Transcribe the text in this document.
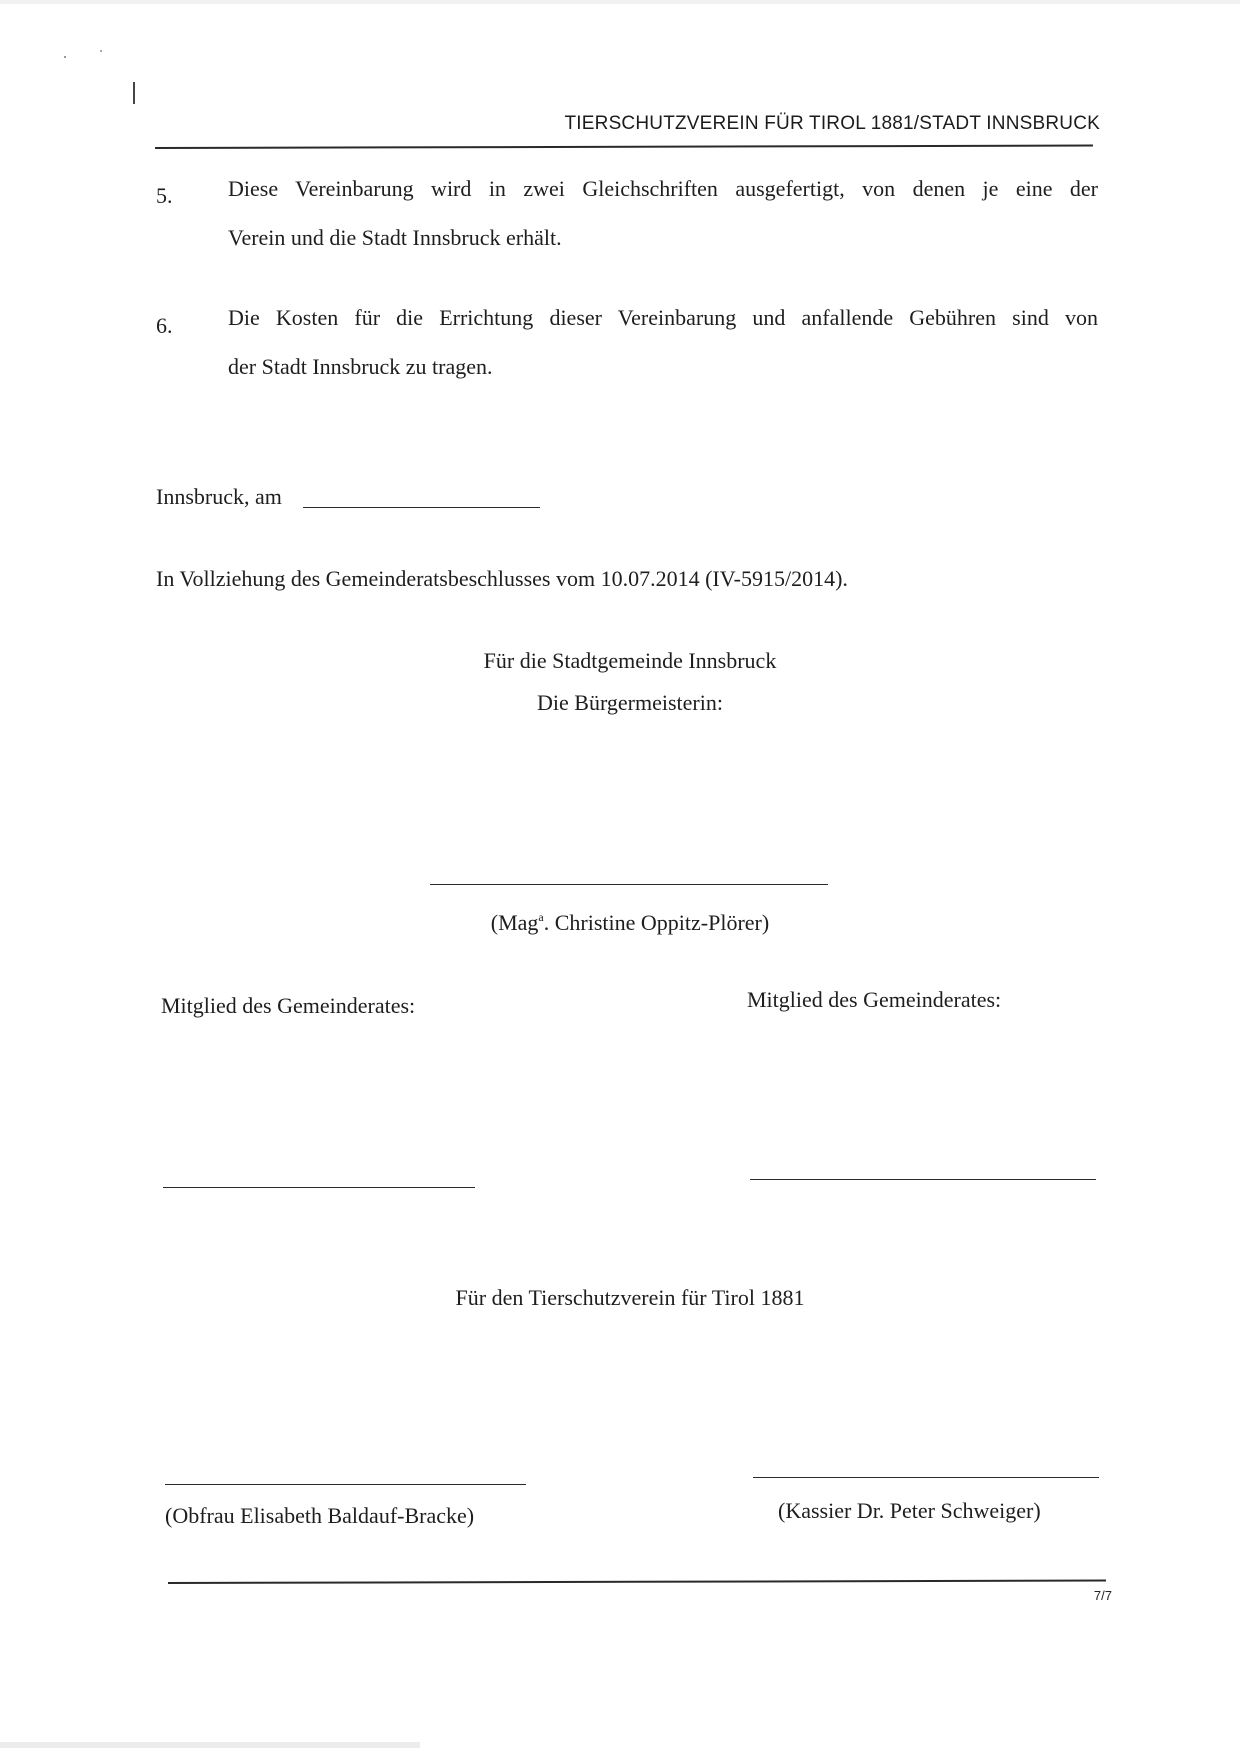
TIERSCHUTZVEREIN FÜR TIROL 1881/STADT INNSBRUCK
5.	Diese Vereinbarung wird in zwei Gleichschriften ausgefertigt, von denen je eine der
Verein und die Stadt Innsbruck erhält.
6.	Die Kosten für die Errichtung dieser Vereinbarung und anfallende Gebühren sind von
der Stadt Innsbruck zu tragen.
Innsbruck, am
In Vollziehung des Gemeinderatsbeschlusses vom 10.07.2014 (IV-5915/2014).
Für die Stadtgemeinde Innsbruck
Die Bürgermeisterin:
(Mag$^a$. Christine Oppitz-Plörer)
Mitglied des Gemeinderates:	Mitglied des Gemeinderates:
Für den Tierschutzverein für Tirol 1881
(Obfrau Elisabeth Baldauf-Bracke)	(Kassier Dr. Peter Schweiger)
7/7
